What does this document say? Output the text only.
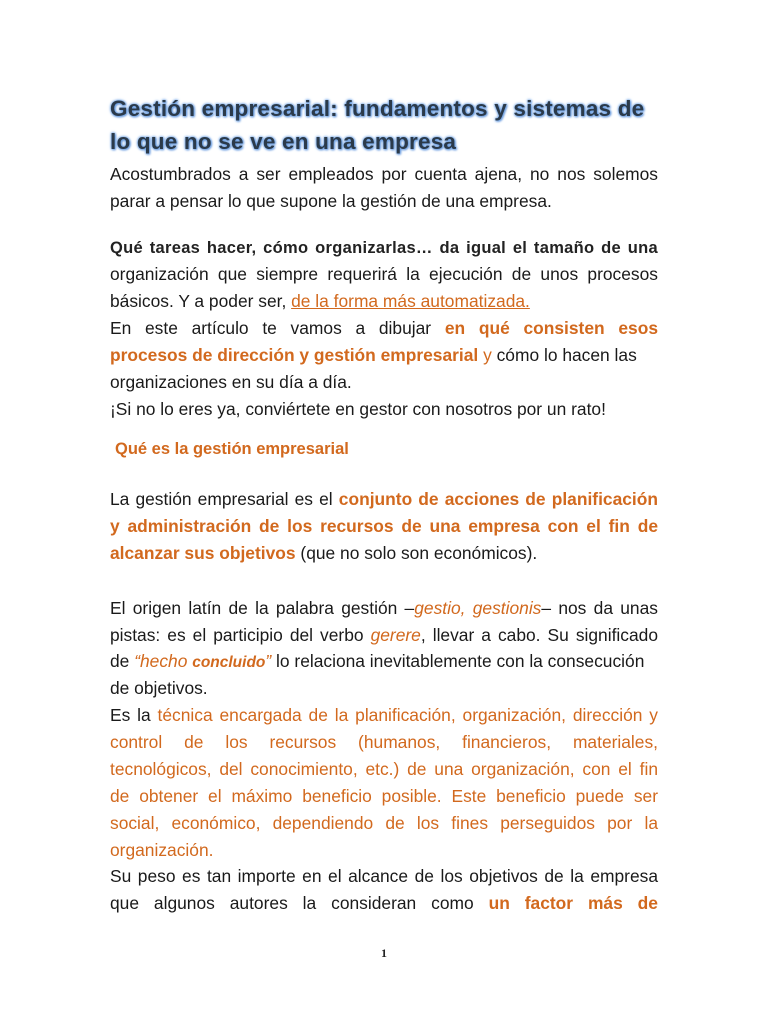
Gestión empresarial: fundamentos y sistemas de
lo que no se ve en una empresa
Acostumbrados a ser empleados por cuenta ajena, no nos solemos
parar a pensar lo que supone la gestión de una empresa.
Qué tareas hacer, cómo organizarlas… da igual el tamaño de una
organización que siempre requerirá la ejecución de unos procesos
básicos. Y a poder ser, de la forma más automatizada.
En este artículo te vamos a dibujar en qué consisten esos
procesos de dirección y gestión empresarial y cómo lo hacen las
organizaciones en su día a día.
¡Si no lo eres ya, conviértete en gestor con nosotros por un rato!
Qué es la gestión empresarial
La gestión empresarial es el conjunto de acciones de planificación
y administración de los recursos de una empresa con el fin de
alcanzar sus objetivos (que no solo son económicos).
El origen latín de la palabra gestión –gestio, gestionis– nos da unas
pistas: es el participio del verbo gerere, llevar a cabo. Su significado
de “hecho concluido” lo relaciona inevitablemente con la consecución
de objetivos.
Es la técnica encargada de la planificación, organización, dirección y
control de los recursos (humanos, financieros, materiales,
tecnológicos, del conocimiento, etc.) de una organización, con el fin
de obtener el máximo beneficio posible. Este beneficio puede ser
social, económico, dependiendo de los fines perseguidos por la
organización.
Su peso es tan importe en el alcance de los objetivos de la empresa
que algunos autores la consideran como un factor más de
1
